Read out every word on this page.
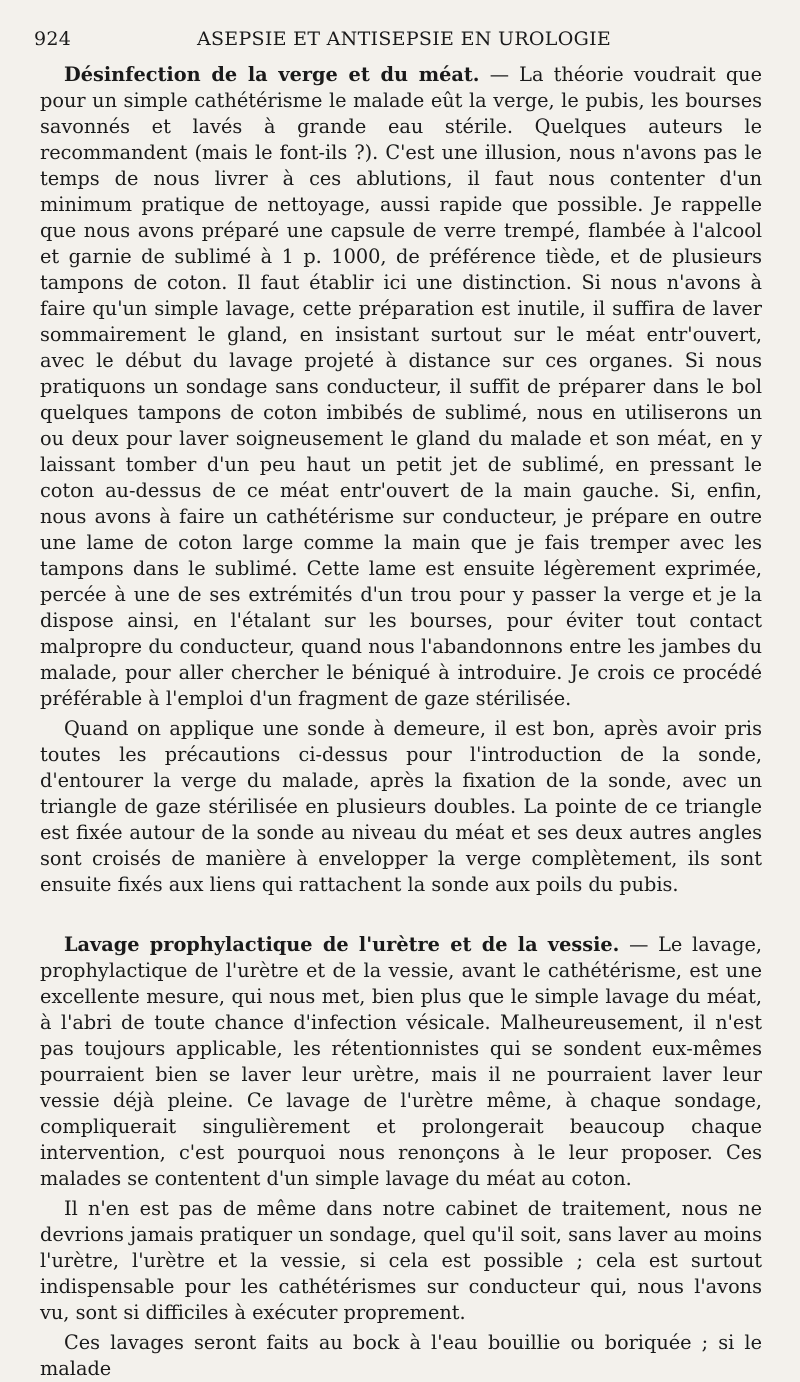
924	ASEPSIE ET ANTISEPSIE EN UROLOGIE

Désinfection de la verge et du méat. — La théorie voudrait que pour un simple cathétérisme le malade eût la verge, le pubis, les bourses savonnés et lavés à grande eau stérile. Quelques auteurs le recommandent (mais le font-ils ?). C'est une illusion, nous n'avons pas le temps de nous livrer à ces ablutions, il faut nous contenter d'un minimum pratique de nettoyage, aussi rapide que possible. Je rappelle que nous avons préparé une capsule de verre trempé, flambée à l'alcool et garnie de sublimé à 1 p. 1000, de préférence tiède, et de plusieurs tampons de coton. Il faut établir ici une distinction. Si nous n'avons à faire qu'un simple lavage, cette préparation est inutile, il suffira de laver sommairement le gland, en insistant surtout sur le méat entr'ouvert, avec le début du lavage projeté à distance sur ces organes. Si nous pratiquons un sondage sans conducteur, il suffit de préparer dans le bol quelques tampons de coton imbibés de sublimé, nous en utiliserons un ou deux pour laver soigneusement le gland du malade et son méat, en y laissant tomber d'un peu haut un petit jet de sublimé, en pressant le coton au-dessus de ce méat entr'ouvert de la main gauche. Si, enfin, nous avons à faire un cathétérisme sur conducteur, je prépare en outre une lame de coton large comme la main que je fais tremper avec les tampons dans le sublimé. Cette lame est ensuite légèrement exprimée, percée à une de ses extrémités d'un trou pour y passer la verge et je la dispose ainsi, en l'étalant sur les bourses, pour éviter tout contact malpropre du conducteur, quand nous l'abandonnons entre les jambes du malade, pour aller chercher le béniqué à introduire. Je crois ce procédé préférable à l'emploi d'un fragment de gaze stérilisée.

Quand on applique une sonde à demeure, il est bon, après avoir pris toutes les précautions ci-dessus pour l'introduction de la sonde, d'entourer la verge du malade, après la fixation de la sonde, avec un triangle de gaze stérilisée en plusieurs doubles. La pointe de ce triangle est fixée autour de la sonde au niveau du méat et ses deux autres angles sont croisés de manière à envelopper la verge complètement, ils sont ensuite fixés aux liens qui rattachent la sonde aux poils du pubis.

Lavage prophylactique de l'urètre et de la vessie. — Le lavage, prophylactique de l'urètre et de la vessie, avant le cathétérisme, est une excellente mesure, qui nous met, bien plus que le simple lavage du méat, à l'abri de toute chance d'infection vésicale. Malheureusement, il n'est pas toujours applicable, les rétentionnistes qui se sondent eux-mêmes pourraient bien se laver leur urètre, mais il ne pourraient laver leur vessie déjà pleine. Ce lavage de l'urètre même, à chaque sondage, compliquerait singulièrement et prolongerait beaucoup chaque intervention, c'est pourquoi nous renonçons à le leur proposer. Ces malades se contentent d'un simple lavage du méat au coton.

Il n'en est pas de même dans notre cabinet de traitement, nous ne devrions jamais pratiquer un sondage, quel qu'il soit, sans laver au moins l'urètre, l'urètre et la vessie, si cela est possible ; cela est surtout indispensable pour les cathétérismes sur conducteur qui, nous l'avons vu, sont si difficiles à exécuter proprement.

Ces lavages seront faits au bock à l'eau bouillie ou boriquée ; si le malade
